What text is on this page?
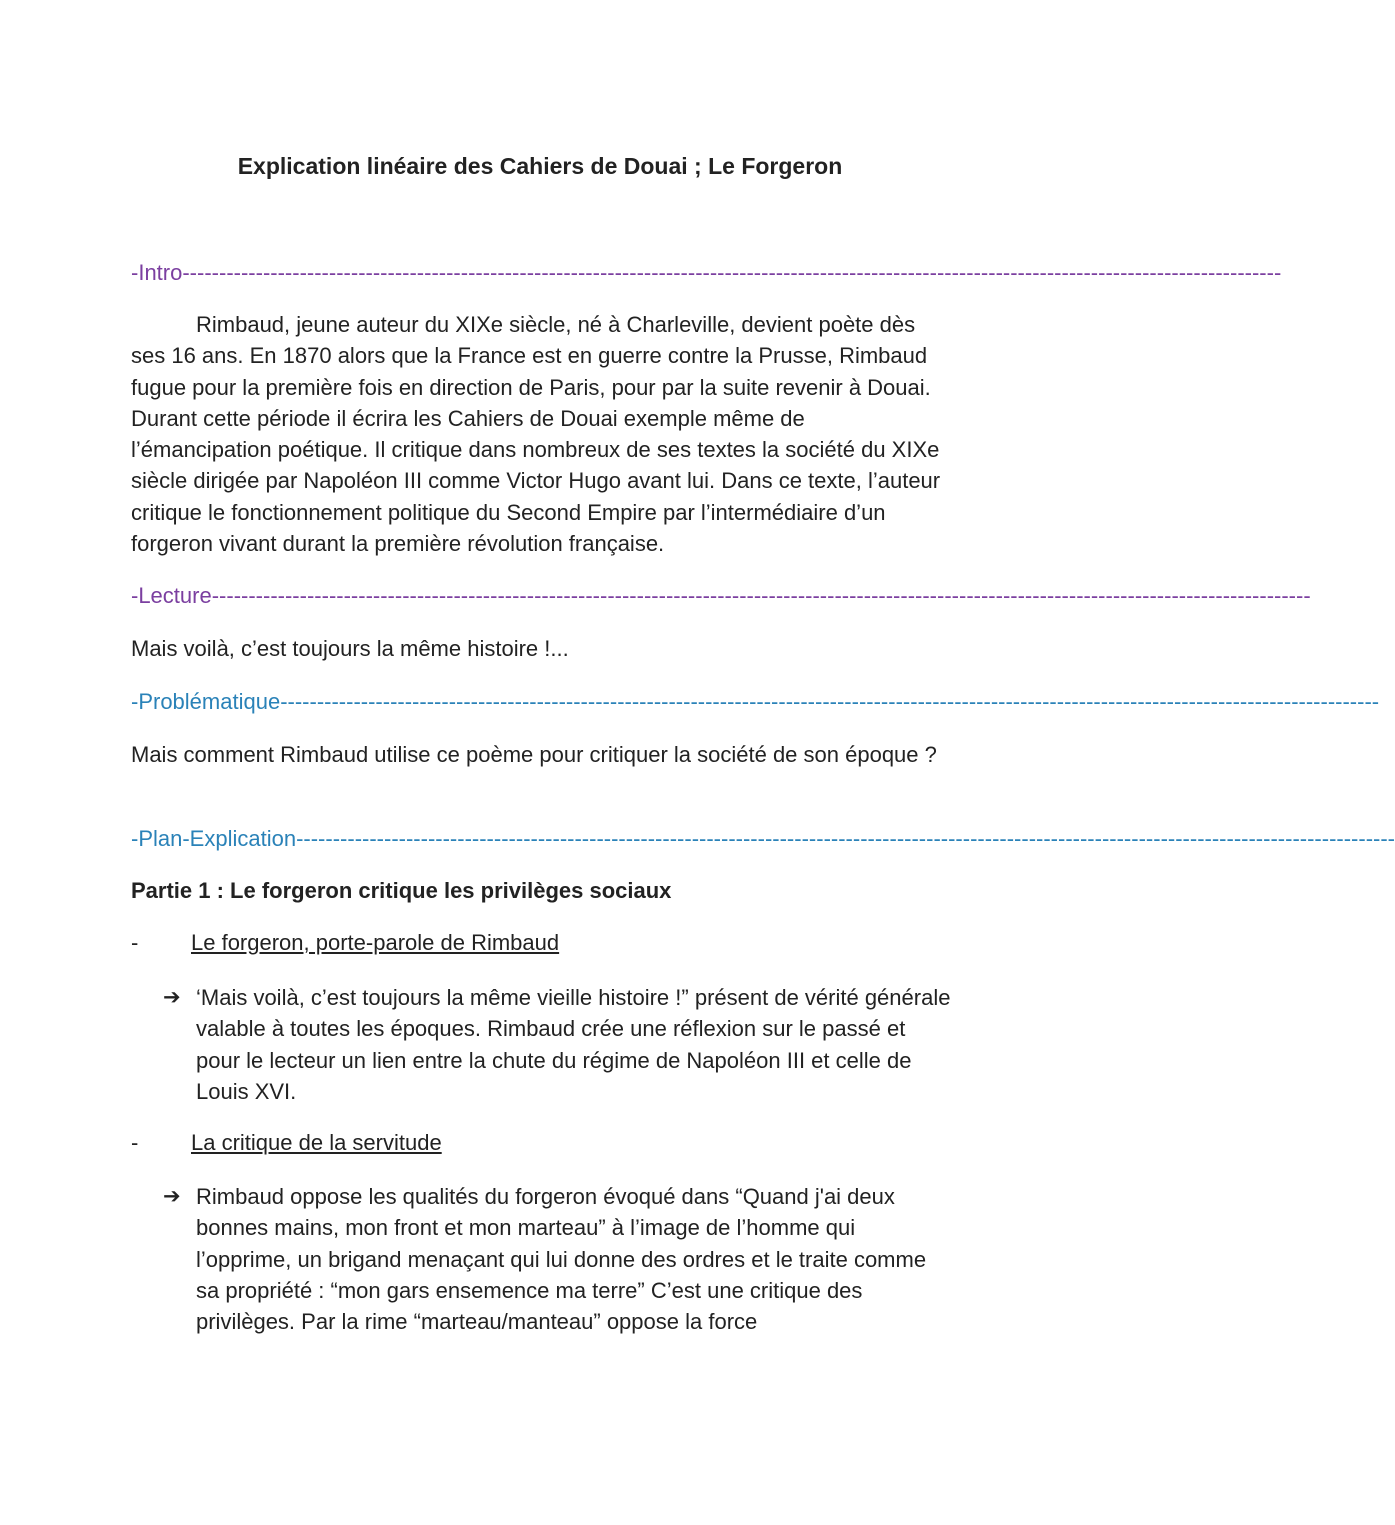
Explication linéaire des Cahiers de Douai ; Le Forgeron
-Intro------------------------------------------------------------------------------------------------------------------------------------------------------
Rimbaud, jeune auteur du XIXe siècle, né à Charleville, devient poète dès ses 16 ans. En 1870 alors que la France est en guerre contre la Prusse, Rimbaud fugue pour la première fois en direction de Paris, pour par la suite revenir à Douai. Durant cette période il écrira les Cahiers de Douai exemple même de l’émancipation poétique. Il critique dans nombreux de ses textes la société du XIXe siècle dirigée par Napoléon III comme Victor Hugo avant lui. Dans ce texte, l’auteur critique le fonctionnement politique du Second Empire par l’intermédiaire d’un forgeron vivant durant la première révolution française.
-Lecture------------------------------------------------------------------------------------------------------------------------------------------------------
Mais voilà, c’est toujours la même histoire !...
-Problématique------------------------------------------------------------------------------------------------------------------------------------------------------
Mais comment Rimbaud utilise ce poème pour critiquer la société de son époque ?
-Plan-Explication------------------------------------------------------------------------------------------------------------------------------------------------------
Partie 1 : Le forgeron critique les privilèges sociaux
- Le forgeron, porte-parole de Rimbaud
➔ ‘Mais voilà, c’est toujours la même vieille histoire !” présent de vérité générale valable à toutes les époques. Rimbaud crée une réflexion sur le passé et pour le lecteur un lien entre la chute du régime de Napoléon III et celle de Louis XVI.
- La critique de la servitude
➔ Rimbaud oppose les qualités du forgeron évoqué dans “Quand j'ai deux bonnes mains, mon front et mon marteau” à l’image de l’homme qui l’opprime, un brigand menaçant qui lui donne des ordres et le traite comme sa propriété : “mon gars ensemence ma terre” C’est une critique des privilèges. Par la rime “marteau/manteau” oppose la force
